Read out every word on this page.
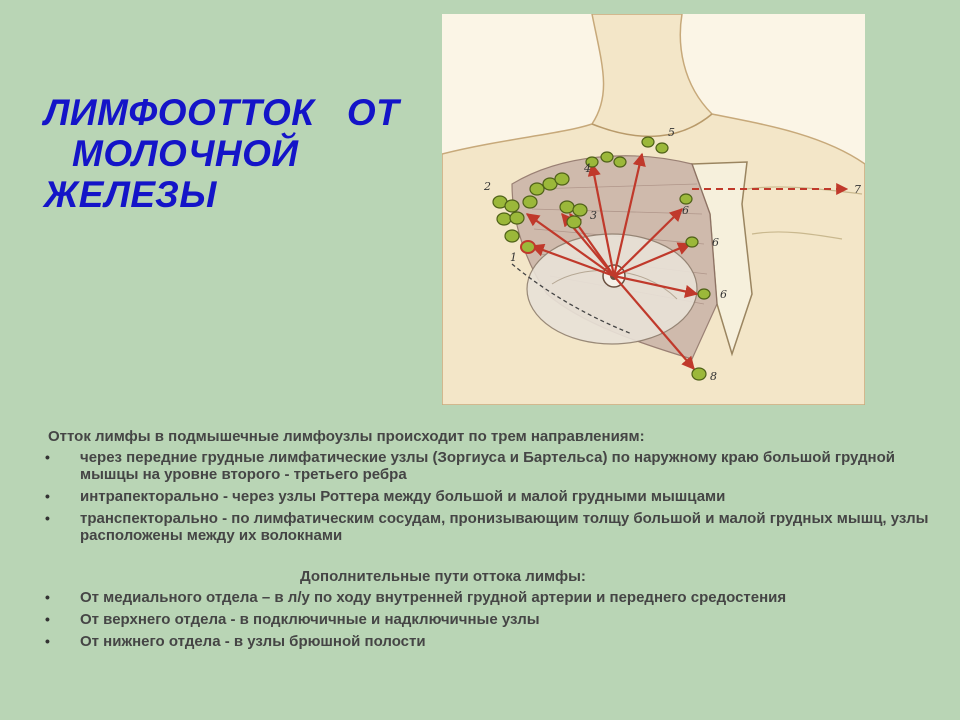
ЛИМФООТТОК   ОТ
МОЛОЧНОЙ
ЖЕЛЕЗЫ
1
2
3
4
5
6
6
6
7
8

Отток лимфы в подмышечные лимфоузлы происходит по трем направлениям:

• через передние грудные лимфатические узлы (Зоргиуса и Бартельса) по наружному краю большой грудной мышцы на уровне второго - третьего ребра
• интрапекторально - через узлы Роттера между большой и малой грудными мышцами
• транспекторально - по лимфатическим сосудам, пронизывающим толщу большой и малой грудных мышц, узлы расположены между их волокнами

Дополнительные пути оттока лимфы:

• От медиального отдела – в л/у по ходу внутренней грудной артерии и переднего средостения
• От верхнего отдела - в подключичные и надключичные узлы
• От нижнего отдела - в узлы брюшной полости
